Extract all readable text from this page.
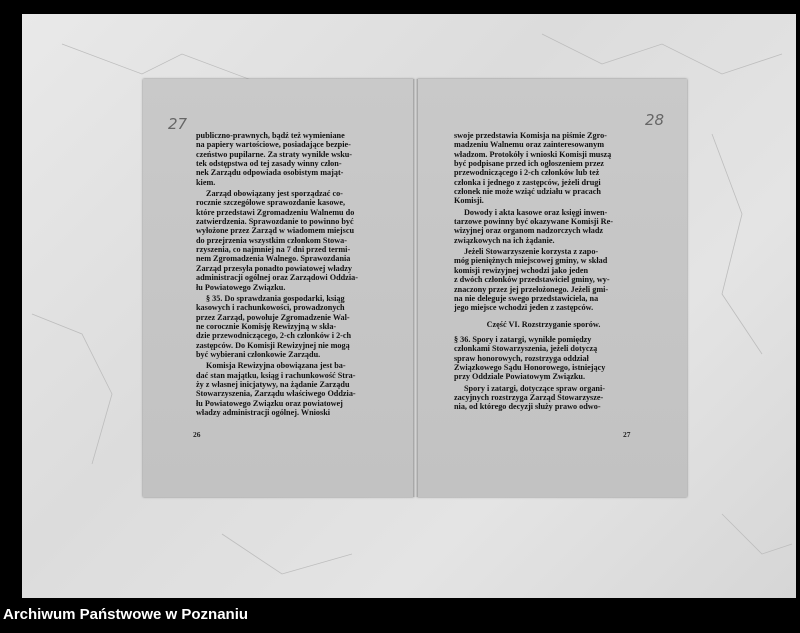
27	28

publiczno-prawnych, bądź też wymieniane
na papiery wartościowe, posiadające bezpie-
czeństwo pupilarne. Za straty wynikłe wsku-
tek odstępstwa od tej zasady winny człon-
nek Zarządu odpowiada osobistym mająt-
kiem.

Zarząd obowiązany jest sporządzać co-
rocznie szczegółowe sprawozdanie kasowe,
które przedstawi Zgromadzeniu Walnemu do
zatwierdzenia. Sprawozdanie to powinno być
wyłożone przez Zarząd w wiadomem miejscu
do przejrzenia wszystkim członkom Stowa-
rzyszenia, co najmniej na 7 dni przed termi-
nem Zgromadzenia Walnego. Sprawozdania
Zarząd przesyła ponadto powiatowej władzy
administracji ogólnej oraz Zarządowi Oddzia-
łu Powiatowego Związku.

§ 35. Do sprawdzania gospodarki, ksiąg
kasowych i rachunkowości, prowadzonych
przez Zarząd, powołuje Zgromadzenie Wal-
ne corocznie Komisję Rewizyjną w skła-
dzie przewodniczącego, 2-ch członków i 2-ch
zastępców. Do Komisji Rewizyjnej nie mogą
być wybierani członkowie Zarządu.

Komisja Rewizyjna obowiązana jest ba-
dać stan majątku, ksiąg i rachunkowość Stra-
ży z własnej inicjatywy, na żądanie Zarządu
Stowarzyszenia, Zarządu właściwego Oddzia-
łu Powiatowego Związku oraz powiatowej
władzy administracji ogólnej. Wnioski

swoje przedstawia Komisja na piśmie Zgro-
madzeniu Walnemu oraz zainteresowanym
władzom. Protokóły i wnioski Komisji muszą
być podpisane przed ich ogłoszeniem przez
przewodniczącego i 2-ch członków lub też
członka i jednego z zastępców, jeżeli drugi
członek nie może wziąć udziału w pracach
Komisji.

Dowody i akta kasowe oraz księgi inwen-
tarzowe powinny być okazywane Komisji Re-
wizyjnej oraz organom nadzorczych władz
związkowych na ich żądanie.

Jeżeli Stowarzyszenie korzysta z zapo-
móg pieniężnych miejscowej gminy, w skład
komisji rewizyjnej wchodzi jako jeden
z dwóch członków przedstawiciel gminy, wy-
znaczony przez jej przełożonego. Jeżeli gmi-
na nie deleguje swego przedstawiciela, na
jego miejsce wchodzi jeden z zastępców.

Część VI. Rozstrzyganie sporów.

§ 36. Spory i zatargi, wynikłe pomiędzy
członkami Stowarzyszenia, jeżeli dotyczą
spraw honorowych, rozstrzyga oddział
Związkowego Sądu Honorowego, istniejący
przy Oddziale Powiatowym Związku.

Spory i zatargi, dotyczące spraw organi-
zacyjnych rozstrzyga Zarząd Stowarzysze-
nia, od którego decyzji służy prawo odwo-

26	27
Archiwum Państwowe w Poznaniu
